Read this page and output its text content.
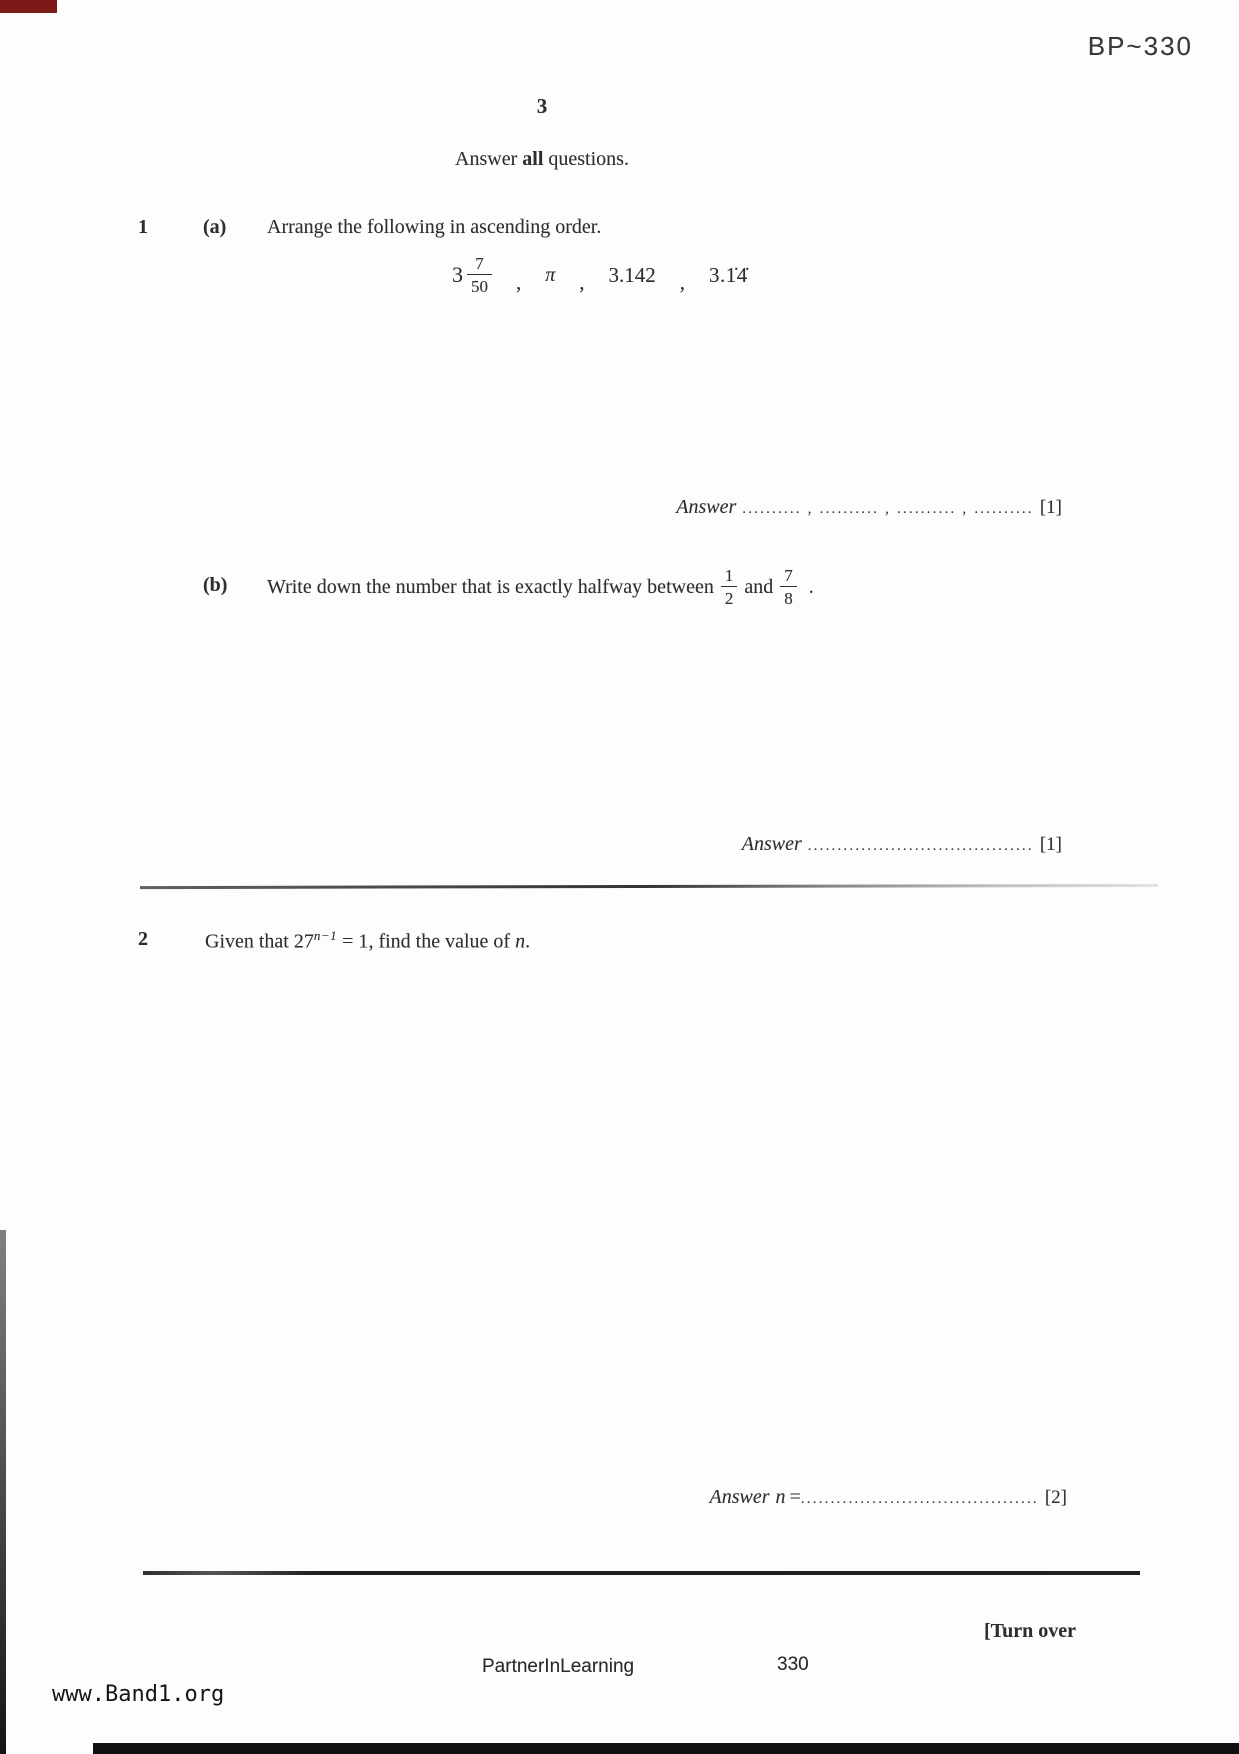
BP~330
3
Answer all questions.
1	(a) Arrange the following in ascending order.
$3 \frac{7}{50}$ , π , 3.142 , 3.1̇4̇
Answer .......... , .......... , .......... , .......... [1]
(b) Write down the number that is exactly halfway between $\frac{1}{2}$ and $\frac{7}{8}$ .
Answer ...................................... [1]
2	Given that $27^{n-1} = 1$, find the value of n.
Answer n =........................................ [2]
[Turn over
PartnerInLearning	330
www.Band1.org
